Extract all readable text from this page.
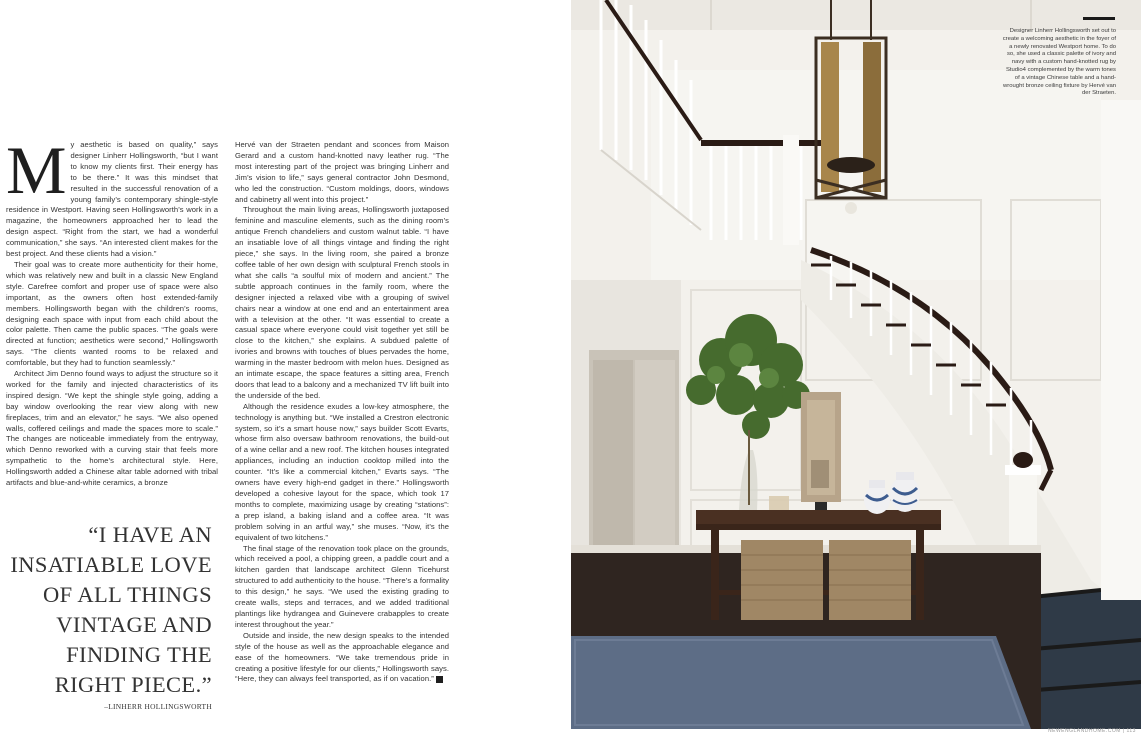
M y aesthetic is based on quality,” says designer Linherr Hollingsworth, “but I want to know my clients first. Their energy has to be there.” It was this mindset that resulted in the successful renovation of a young family’s contemporary shingle-style residence in Westport. Having seen Hollingsworth’s work in a magazine, the homeowners approached her to lead the design aspect. “Right from the start, we had a wonderful communication,” she says. “An interested client makes for the best project. And these clients had a vision.”

Their goal was to create more authenticity for their home, which was relatively new and built in a classic New England style. Carefree comfort and proper use of space were also important, as the owners often host extended-family members. Hollingsworth began with the children’s rooms, designing each space with input from each child about the color palette. Then came the public spaces. “The goals were directed at function; aesthetics were second,” Hollingsworth says. “The clients wanted rooms to be relaxed and comfortable, but they had to function seamlessly.”

Architect Jim Denno found ways to adjust the structure so it worked for the family and injected characteristics of its inspired design. “We kept the shingle style going, adding a bay window overlooking the rear view along with new fireplaces, trim and an elevator,” he says. “We also opened walls, coffered ceilings and made the spaces more to scale.” The changes are noticeable immediately from the entryway, which Denno reworked with a curving stair that feels more sympathetic to the home’s architectural style. Here, Hollingsworth added a Chinese altar table adorned with tribal artifacts and blue-and-white ceramics, a bronze

Hervé van der Straeten pendant and sconces from Maison Gerard and a custom hand-knotted navy leather rug. “The most interesting part of the project was bringing Linherr and Jim’s vision to life,” says general contractor John Desmond, who led the construction. “Custom moldings, doors, windows and cabinetry all went into this project.”

Throughout the main living areas, Hollingsworth juxtaposed feminine and masculine elements, such as the dining room’s antique French chandeliers and custom walnut table. “I have an insatiable love of all things vintage and finding the right piece,” she says. In the living room, she paired a bronze coffee table of her own design with sculptural French stools in what she calls “a soulful mix of modern and ancient.” The subtle approach continues in the family room, where the designer injected a relaxed vibe with a grouping of swivel chairs near a window at one end and an entertainment area with a television at the other. “It was essential to create a casual space where everyone could visit together yet still be close to the kitchen,” she explains. A subdued palette of ivories and browns with touches of blues pervades the home, warming in the master bedroom with melon hues. Designed as an intimate escape, the space features a sitting area, French doors that lead to a balcony and a mechanized TV lift built into the underside of the bed.

Although the residence exudes a low-key atmosphere, the technology is anything but. “We installed a Crestron electronic system, so it’s a smart house now,” says builder Scott Evarts, whose firm also oversaw bathroom renovations, the build-out of a wine cellar and a new roof. The kitchen houses integrated appliances, including an induction cooktop milled into the counter. “It’s like a commercial kitchen,” Evarts says. “The owners have every high-end gadget in there.” Hollingsworth developed a cohesive layout for the space, which took 17 months to complete, maximizing usage by creating “stations”: a prep island, a baking island and a coffee area. “It was problem solving in an artful way,” she muses. “Now, it’s the equivalent of two kitchens.”

The final stage of the renovation took place on the grounds, which received a pool, a chipping green, a paddle court and a kitchen garden that landscape architect Glenn Ticehurst structured to add authenticity to the house. “There’s a formality to this design,” he says. “We used the existing grading to create walls, steps and terraces, and we added traditional plantings like hydrangea and Guinevere crabapples to create interest throughout the year.”

Outside and inside, the new design speaks to the intended style of the house as well as the approachable elegance and ease of the homeowners. “We take tremendous pride in creating a positive lifestyle for our clients,” Hollingsworth says. “Here, they can always feel transported, as if on vacation.”

“I HAVE AN INSATIABLE LOVE OF ALL THINGS VINTAGE AND FINDING THE RIGHT PIECE.”
–LINHERR HOLLINGSWORTH
Designer Linherr Hollingsworth set out to create a welcoming aesthetic in the foyer of a newly renovated Westport home. To do so, she used a classic palette of ivory and navy with a custom hand-knotted rug by Studio4 complemented by the warm tones of a vintage Chinese table and a hand-wrought bronze ceiling fixture by Hervé van der Straeten.
NEWENGLANDHOME.COM | 113
